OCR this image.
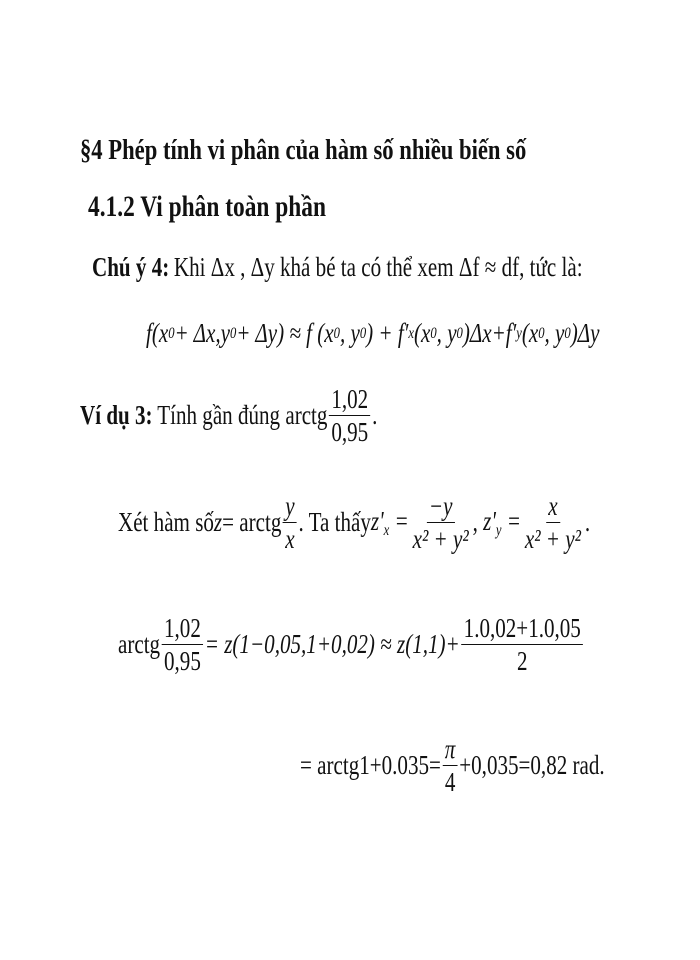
§4 Phép tính vi phân của hàm số nhiều biến số
4.1.2 Vi phân toàn phần
Chú ý 4: Khi Δx , Δy khá bé ta có thể xem Δf ≈ df, tức là:
f(x 0 + Δx,y 0 + Δy) ≈ f (x 0 , y 0 ) + f′ x (x 0 , y 0 )Δx+f′ y (x 0 , y 0 )Δy
Ví dụ 3: Tính gần đúng arctg $\frac{1,02}{0,95}$ .
Xét hàm số z = arctg $\frac{y}{x}$ . Ta thấy $z'_x = \frac{-y}{\text{x² + y²}}$ , $z'_y = \frac{x}{\text{x² + y²}}$ .
arctg $\frac{1,02}{0,95} = z(1-0,05,1+0,02) \approx z(1,1)+ \frac{1.0,02+1.0,05}{2}$
= arctg1+0.035= $\frac{\pi}{4} +0,035=0,82$ rad.
